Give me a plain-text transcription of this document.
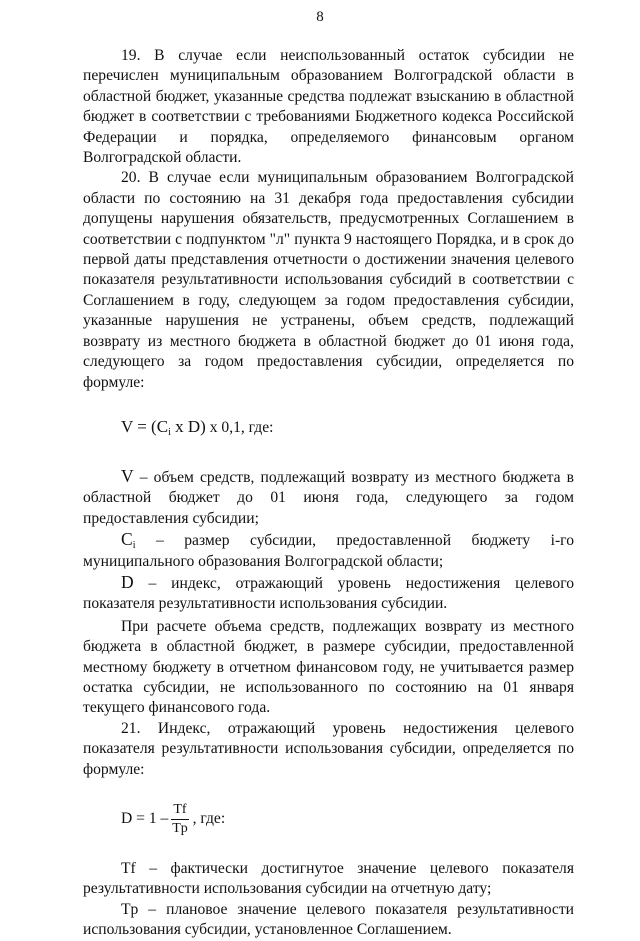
8

19. В случае если неиспользованный остаток субсидии не перечислен муниципальным образованием Волгоградской области в областной бюджет, указанные средства подлежат взысканию в областной бюджет в соответствии с требованиями Бюджетного кодекса Российской Федерации и порядка, определяемого финансовым органом Волгоградской области.

20. В случае если муниципальным образованием Волгоградской области по состоянию на 31 декабря года предоставления субсидии допущены нарушения обязательств, предусмотренных Соглашением в соответствии с подпунктом "л" пункта 9 настоящего Порядка, и в срок до первой даты представления отчетности о достижении значения целевого показателя результативности использования субсидий в соответствии с Соглашением в году, следующем за годом предоставления субсидии, указанные нарушения не устранены, объем средств, подлежащий возврату из местного бюджета в областной бюджет до 01 июня года, следующего за годом предоставления субсидии, определяется по формуле:

$V = (C_i$ x D) x 0,1, где:

V – объем средств, подлежащий возврату из местного бюджета в областной бюджет до 01 июня года, следующего за годом предоставления субсидии;

$C_i$ – размер субсидии, предоставленной бюджету i-го муниципального образования Волгоградской области;

D – индекс, отражающий уровень недостижения целевого показателя результативности использования субсидии.

При расчете объема средств, подлежащих возврату из местного бюджета в областной бюджет, в размере субсидии, предоставленной местному бюджету в отчетном финансовом году, не учитывается размер остатка субсидии, не использованного по состоянию на 01 января текущего финансового года.

21. Индекс, отражающий уровень недостижения целевого показателя результативности использования субсидии, определяется по формуле:

$D = 1 - \frac{Tf}{Tp}$ , где:

Tf – фактически достигнутое значение целевого показателя результативности использования субсидии на отчетную дату;

Tp – плановое значение целевого показателя результативности использования субсидии, установленное Соглашением.
